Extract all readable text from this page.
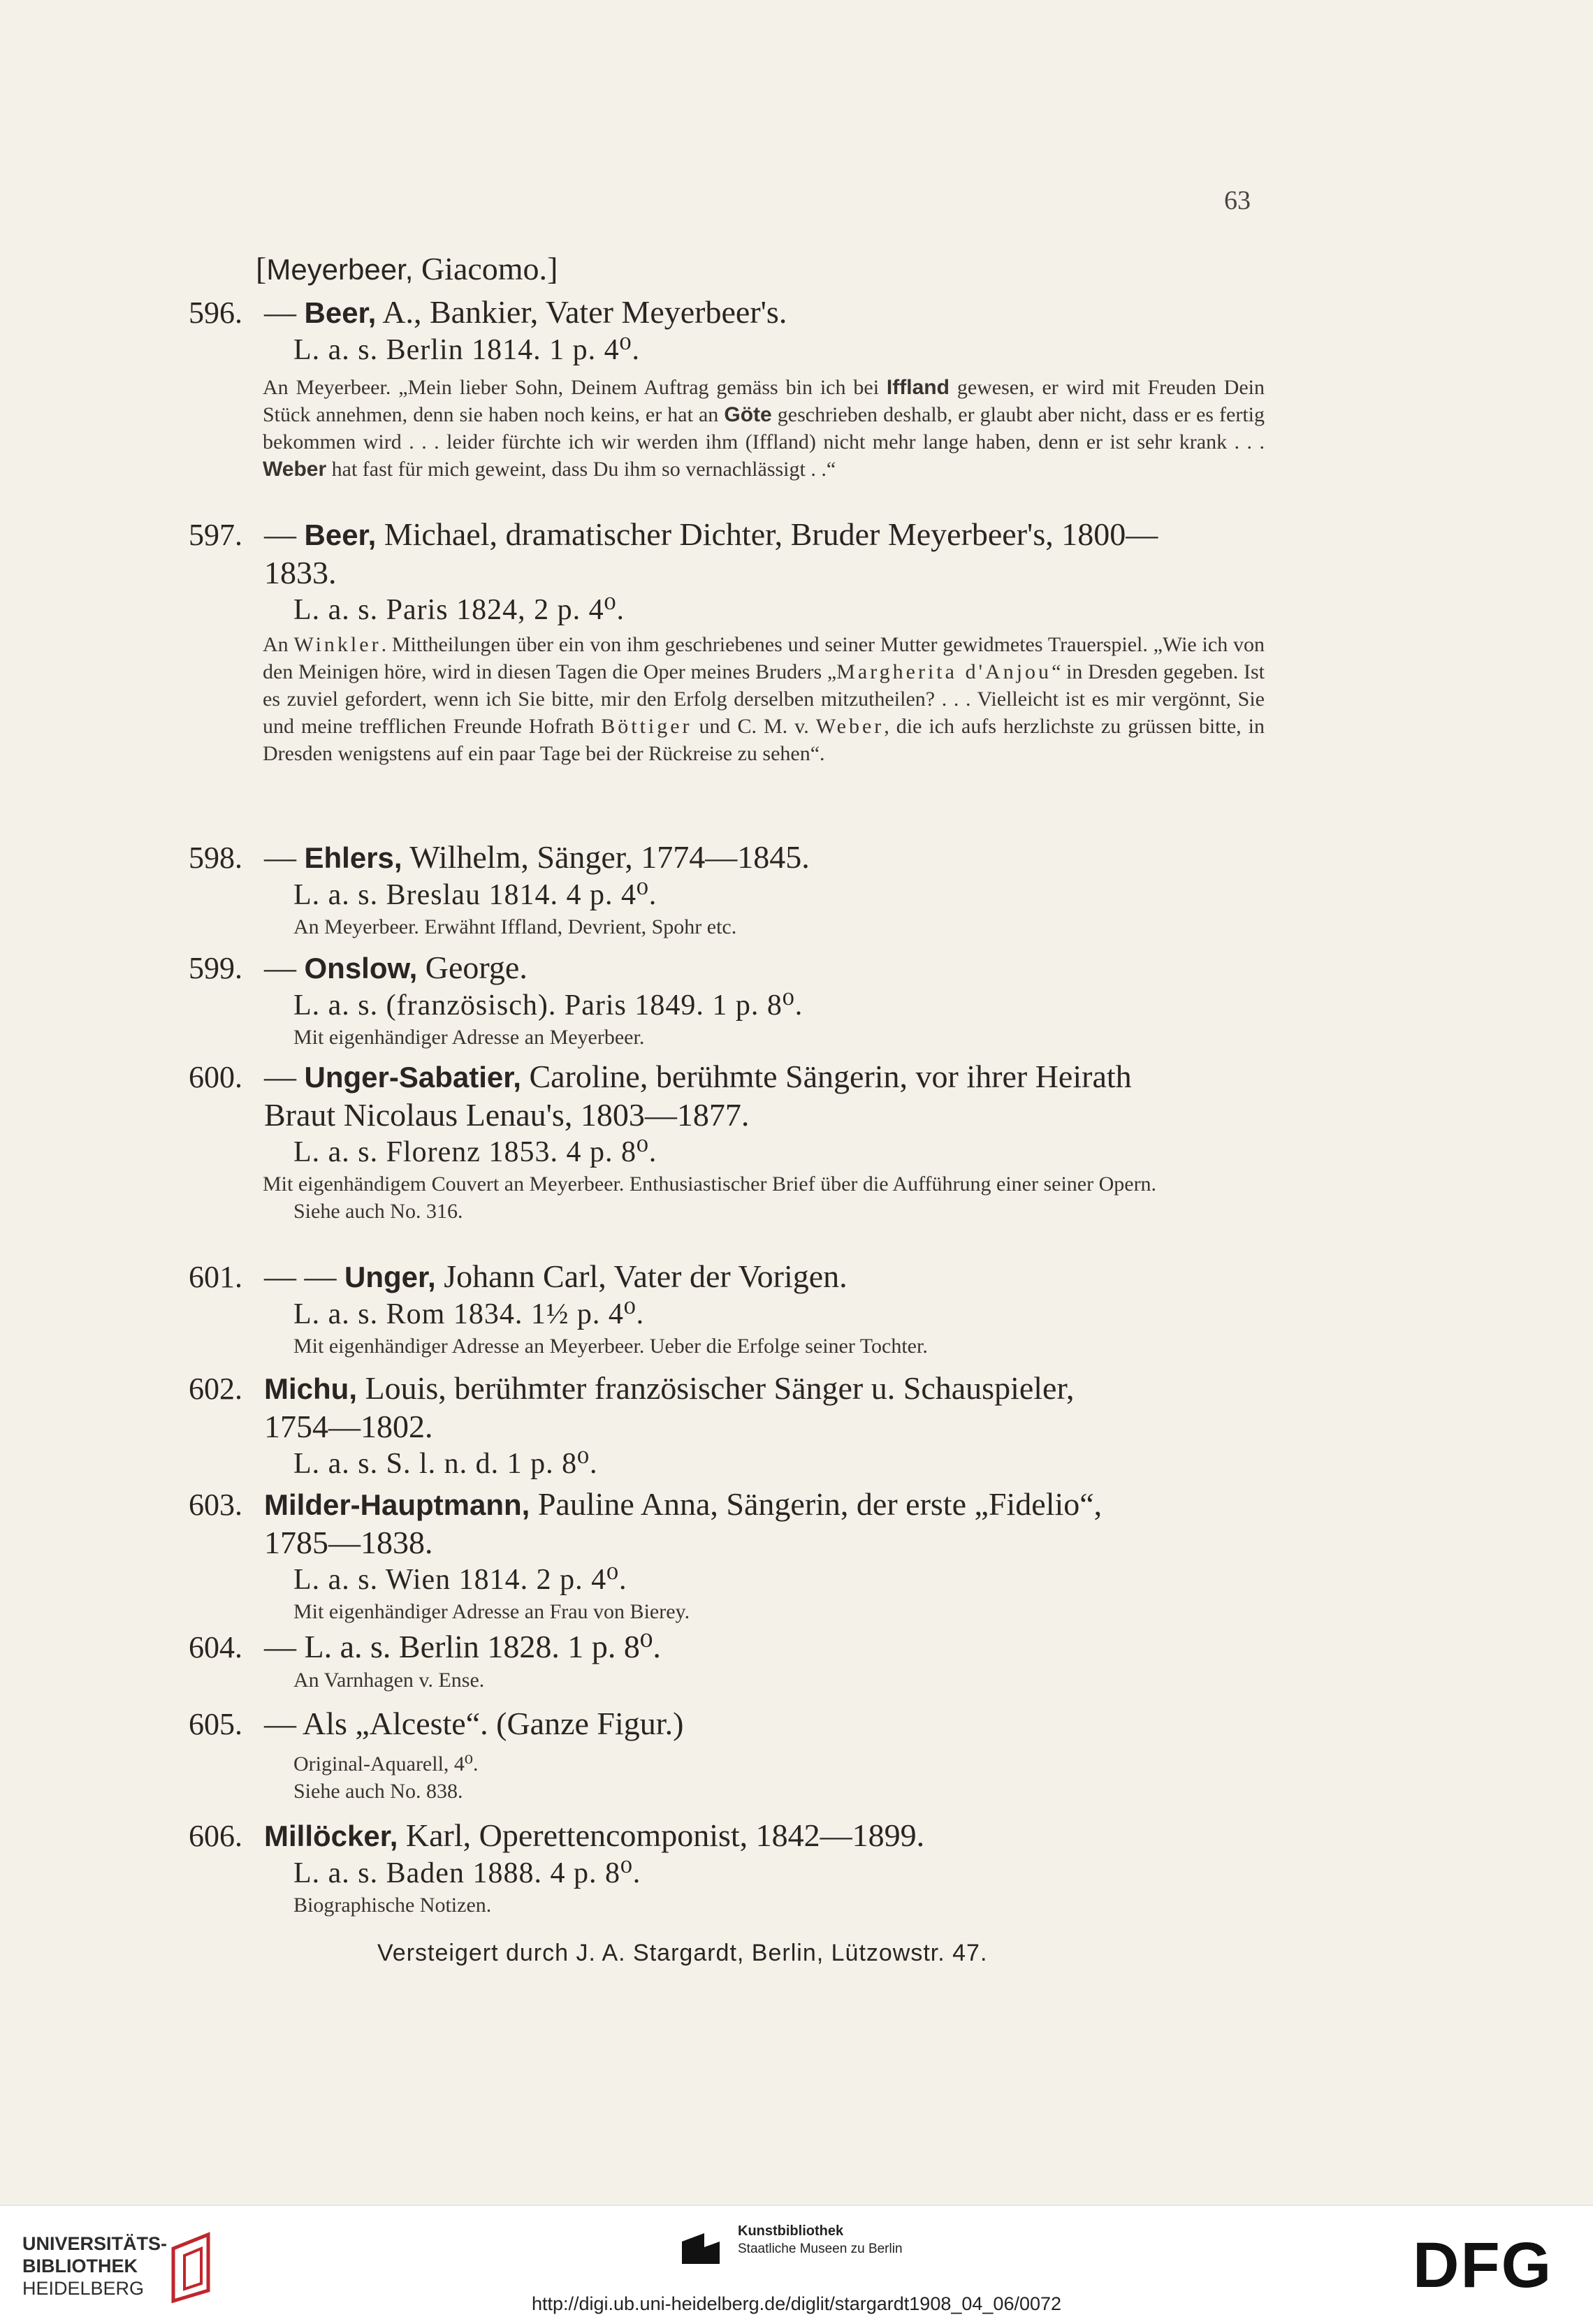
63
[Meyerbeer, Giacomo.]
596. — Beer, A., Bankier, Vater Meyerbeer's.
L. a. s. Berlin 1814. 1 p. 4⁰.
An Meyerbeer. „Mein lieber Sohn, Deinem Auftrag gemäss bin ich bei Iffland gewesen, er wird mit Freuden Dein Stück annehmen, denn sie haben noch keins, er hat an Göte geschrieben deshalb, er glaubt aber nicht, dass er es fertig bekommen wird . . . leider fürchte ich wir werden ihm (Iffland) nicht mehr lange haben, denn er ist sehr krank . . . Weber hat fast für mich geweint, dass Du ihm so vernachlässigt . .“
597. — Beer, Michael, dramatischer Dichter, Bruder Meyerbeer's, 1800—
1833.
L. a. s. Paris 1824, 2 p. 4⁰.
An Winkler. Mittheilungen über ein von ihm geschriebenes und seiner Mutter gewidmetes Trauerspiel. „Wie ich von den Meinigen höre, wird in diesen Tagen die Oper meines Bruders „Margherita d'Anjou“ in Dresden gegeben. Ist es zuviel gefordert, wenn ich Sie bitte, mir den Erfolg derselben mitzutheilen? . . . Vielleicht ist es mir vergönnt, Sie und meine trefflichen Freunde Hofrath Böttiger und C. M. v. Weber, die ich aufs herzlichste zu grüssen bitte, in Dresden wenigstens auf ein paar Tage bei der Rückreise zu sehen“.
598. — Ehlers, Wilhelm, Sänger, 1774—1845.
L. a. s. Breslau 1814. 4 p. 4⁰.
An Meyerbeer. Erwähnt Iffland, Devrient, Spohr etc.
599. — Onslow, George.
L. a. s. (französisch). Paris 1849. 1 p. 8⁰.
Mit eigenhändiger Adresse an Meyerbeer.
600. — Unger-Sabatier, Caroline, berühmte Sängerin, vor ihrer Heirath
Braut Nicolaus Lenau's, 1803—1877.
L. a. s. Florenz 1853. 4 p. 8⁰.
Mit eigenhändigem Couvert an Meyerbeer. Enthusiastischer Brief über die Aufführung einer seiner Opern.
Siehe auch No. 316.
601. — — Unger, Johann Carl, Vater der Vorigen.
L. a. s. Rom 1834. 1½ p. 4⁰.
Mit eigenhändiger Adresse an Meyerbeer. Ueber die Erfolge seiner Tochter.
602. Michu, Louis, berühmter französischer Sänger u. Schauspieler,
1754—1802.
L. a. s. S. l. n. d. 1 p. 8⁰.
603. Milder-Hauptmann, Pauline Anna, Sängerin, der erste „Fidelio“,
1785—1838.
L. a. s. Wien 1814. 2 p. 4⁰.
Mit eigenhändiger Adresse an Frau von Bierey.
604. — L. a. s. Berlin 1828. 1 p. 8⁰.
An Varnhagen v. Ense.
605. — Als „Alceste“. (Ganze Figur.)
Original-Aquarell, 4⁰.
Siehe auch No. 838.
606. Millöcker, Karl, Operettencomponist, 1842—1899.
L. a. s. Baden 1888. 4 p. 8⁰.
Biographische Notizen.
Versteigert durch J. A. Stargardt, Berlin, Lützowstr. 47.
UNIVERSITÄTS-
BIBLIOTHEK
HEIDELBERG
Kunstbibliothek
Staatliche Museen zu Berlin	DFG
http://digi.ub.uni-heidelberg.de/diglit/stargardt1908_04_06/0072
